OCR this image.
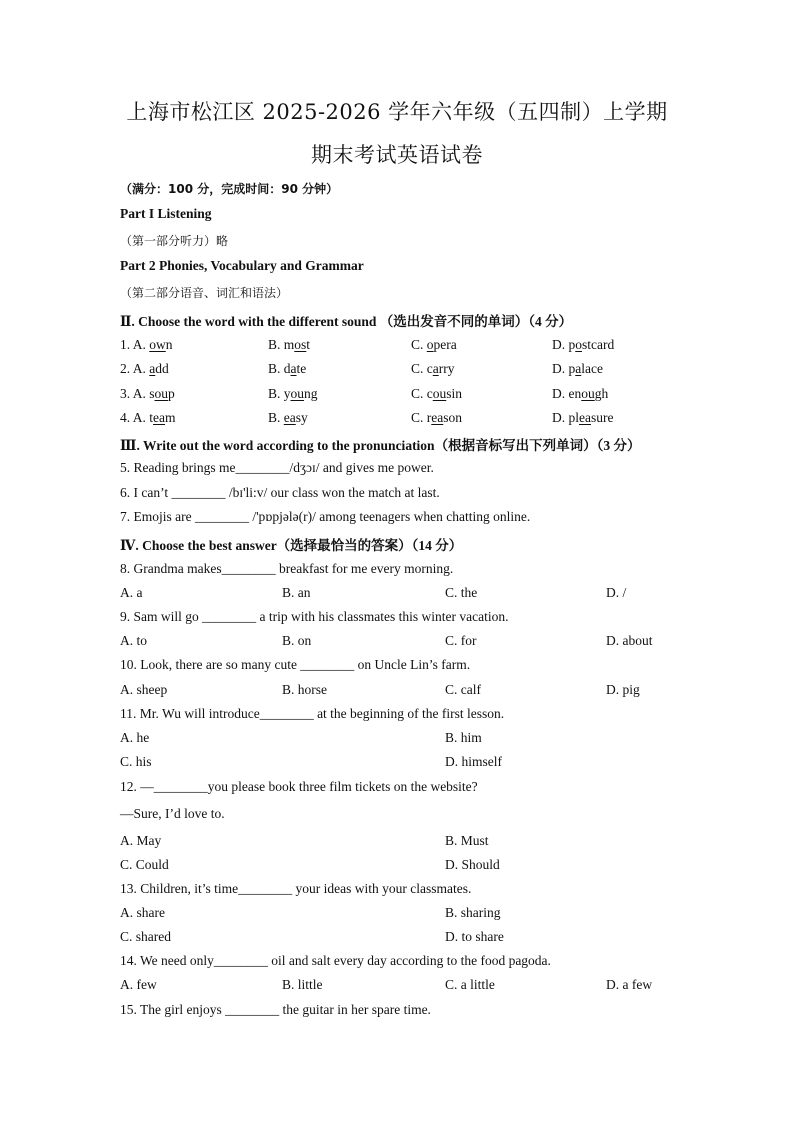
上海市松江区 2025-2026 学年六年级（五四制）上学期
期末考试英语试卷
（满分：100 分，完成时间：90 分钟）
Part I Listening
（第一部分听力）略
Part 2 Phonies, Vocabulary and Grammar
（第二部分语音、词汇和语法）
Ⅱ. Choose the word with the different sound （选出发音不同的单词）（4 分）
1. A. own	B. most	C. opera	D. postcard
2. A. add	B. date	C. carry	D. palace
3. A. soup	B. young	C. cousin	D. enough
4. A. team	B. easy	C. reason	D. pleasure
Ⅲ. Write out the word according to the pronunciation（根据音标写出下列单词）（3 分）
5. Reading brings me________/dʒɔɪ/ and gives me power.
6. I can’t ________ /bɪ'li:v/ our class won the match at last.
7. Emojis are ________ /'pɒpjələ(r)/ among teenagers when chatting online.
Ⅳ. Choose the best answer（选择最恰当的答案）（14 分）
8. Grandma makes________ breakfast for me every morning.
A. a	B. an	C. the	D. /
9. Sam will go ________ a trip with his classmates this winter vacation.
A. to	B. on	C. for	D. about
10. Look, there are so many cute ________ on Uncle Lin’s farm.
A. sheep	B. horse	C. calf	D. pig
11. Mr. Wu will introduce________ at the beginning of the first lesson.
A. he	B. him
C. his	D. himself
12. —________you please book three film tickets on the website?
—Sure, I’d love to.
A. May	B. Must
C. Could	D. Should
13. Children, it’s time________ your ideas with your classmates.
A. share	B. sharing
C. shared	D. to share
14. We need only________ oil and salt every day according to the food pagoda.
A. few	B. little	C. a little	D. a few
15. The girl enjoys ________ the guitar in her spare time.
